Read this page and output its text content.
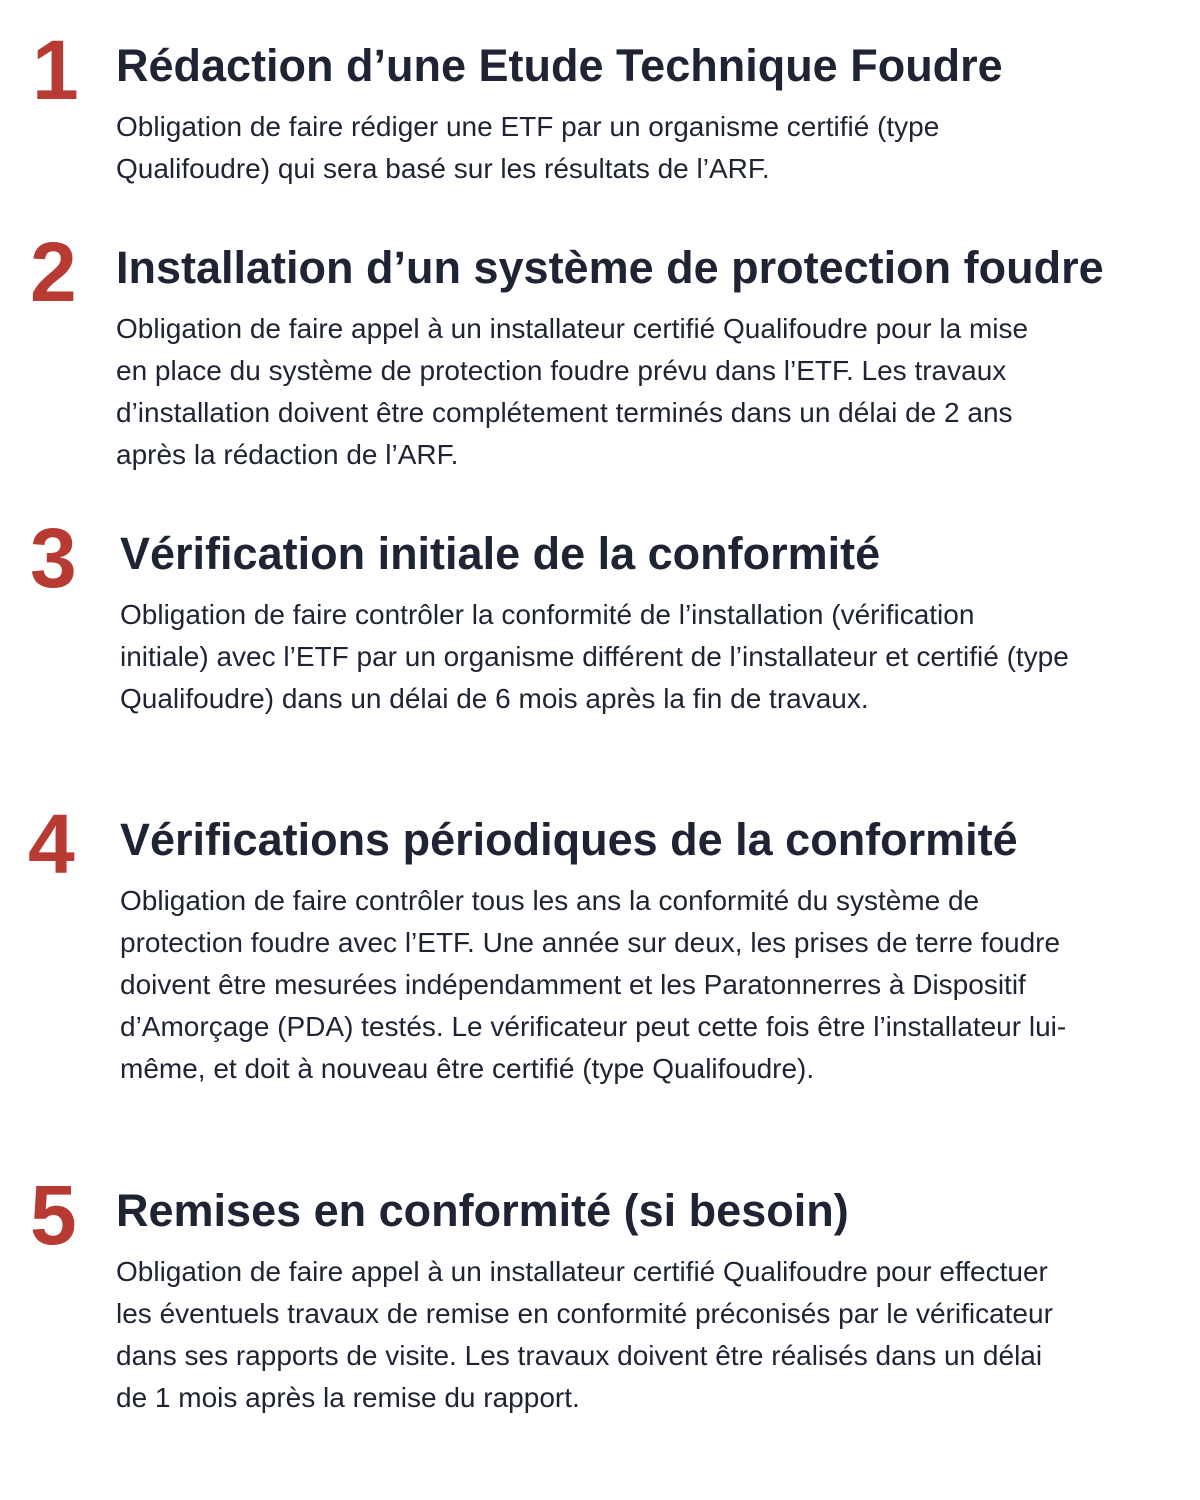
1 Rédaction d’une Etude Technique Foudre

Obligation de faire rédiger une ETF par un organisme certifié (type Qualifoudre) qui sera basé sur les résultats de l’ARF.

2 Installation d’un système de protection foudre

Obligation de faire appel à un installateur certifié Qualifoudre pour la mise en place du système de protection foudre prévu dans l’ETF. Les travaux d’installation doivent être complétement terminés dans un délai de 2 ans après la rédaction de l’ARF.

3 Vérification initiale de la conformité

Obligation de faire contrôler la conformité de l’installation (vérification initiale) avec l’ETF par un organisme différent de l’installateur et certifié (type Qualifoudre) dans un délai de 6 mois après la fin de travaux.

4 Vérifications périodiques de la conformité

Obligation de faire contrôler tous les ans la conformité du système de protection foudre avec l’ETF. Une année sur deux, les prises de terre foudre doivent être mesurées indépendamment et les Paratonnerres à Dispositif d’Amorçage (PDA) testés. Le vérificateur peut cette fois être l’installateur lui-même, et doit à nouveau être certifié (type Qualifoudre).

5 Remises en conformité (si besoin)

Obligation de faire appel à un installateur certifié Qualifoudre pour effectuer les éventuels travaux de remise en conformité préconisés par le vérificateur dans ses rapports de visite. Les travaux doivent être réalisés dans un délai de 1 mois après la remise du rapport.
